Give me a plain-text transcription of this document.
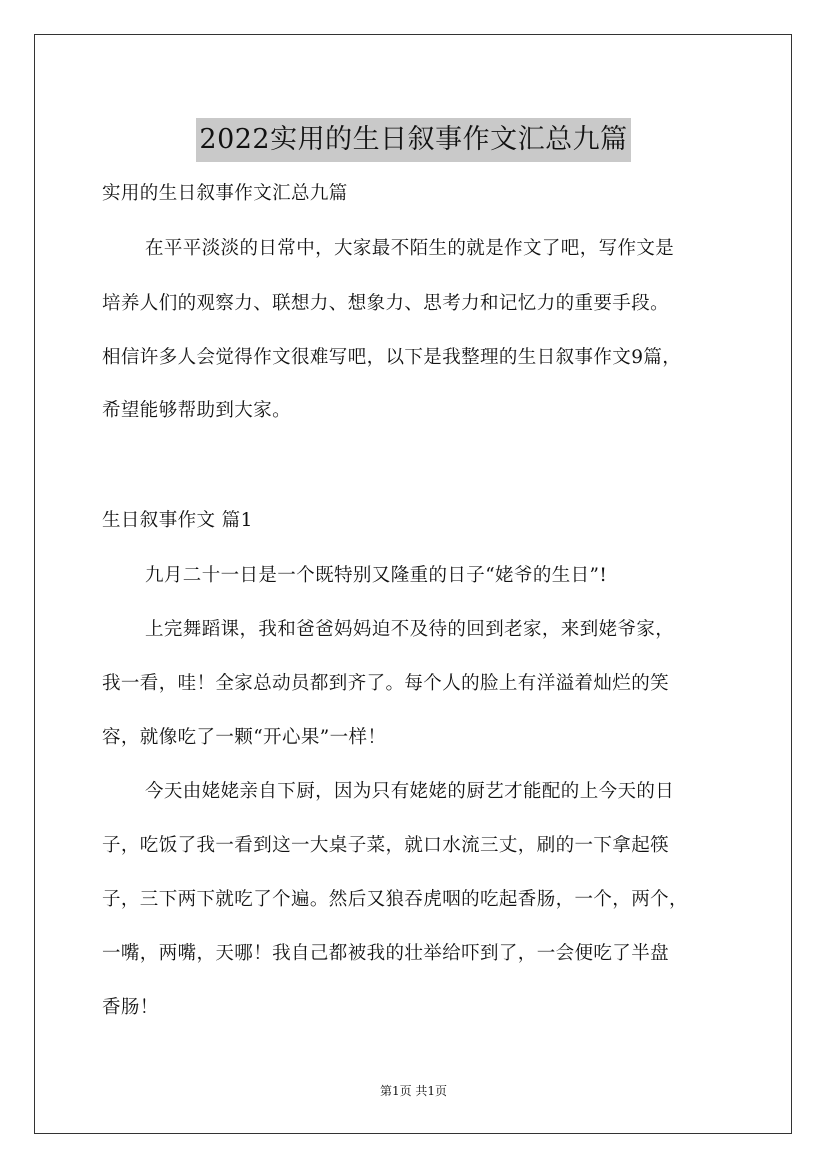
2022实用的生日叙事作文汇总九篇
实用的生日叙事作文汇总九篇
在平平淡淡的日常中，大家最不陌生的就是作文了吧，写作文是
培养人们的观察力、联想力、想象力、思考力和记忆力的重要手段。
相信许多人会觉得作文很难写吧，以下是我整理的生日叙事作文9篇，
希望能够帮助到大家。
生日叙事作文 篇1
九月二十一日是一个既特别又隆重的日子“姥爷的生日”!
上完舞蹈课，我和爸爸妈妈迫不及待的回到老家，来到姥爷家，
我一看，哇！全家总动员都到齐了。每个人的脸上有洋溢着灿烂的笑
容，就像吃了一颗“开心果”一样！
今天由姥姥亲自下厨，因为只有姥姥的厨艺才能配的上今天的日
子，吃饭了我一看到这一大桌子菜，就口水流三丈，刷的一下拿起筷
子，三下两下就吃了个遍。然后又狼吞虎咽的吃起香肠，一个，两个，
一嘴，两嘴，天哪！我自己都被我的壮举给吓到了，一会便吃了半盘
香肠！
第1页 共1页
